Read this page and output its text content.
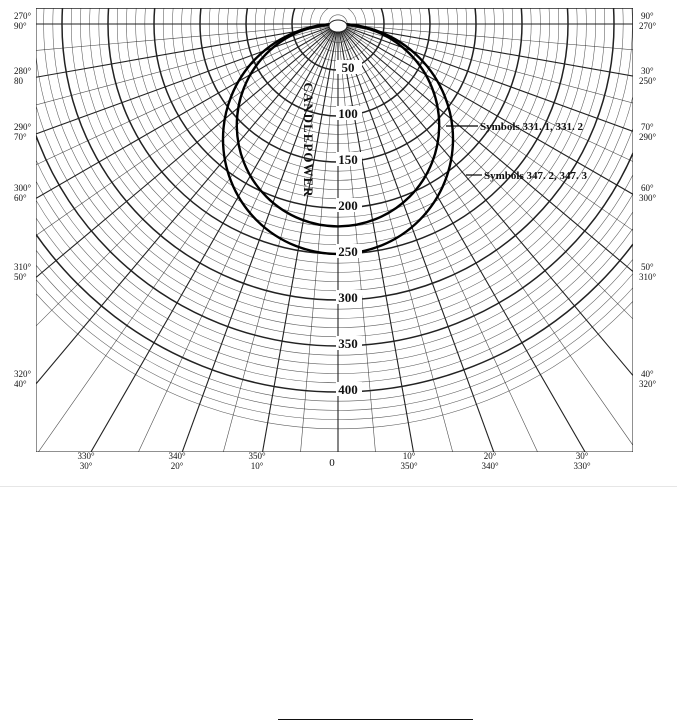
50
100
150
200
250
300
350
400
CANDLEPOWER	Symbols 331. 1, 331. 2
Symbols 347. 2, 347. 3
270°
90°
280°
80
290°
70°
300°
60°
310°
50°
320°
40°
90°
270°
30°
250°
70°
290°
60°
300°
50°
310°
40°
320°
330°
30°
340°
20°
350°
10°	0
10°
350°
20°
340°
30°
330°
